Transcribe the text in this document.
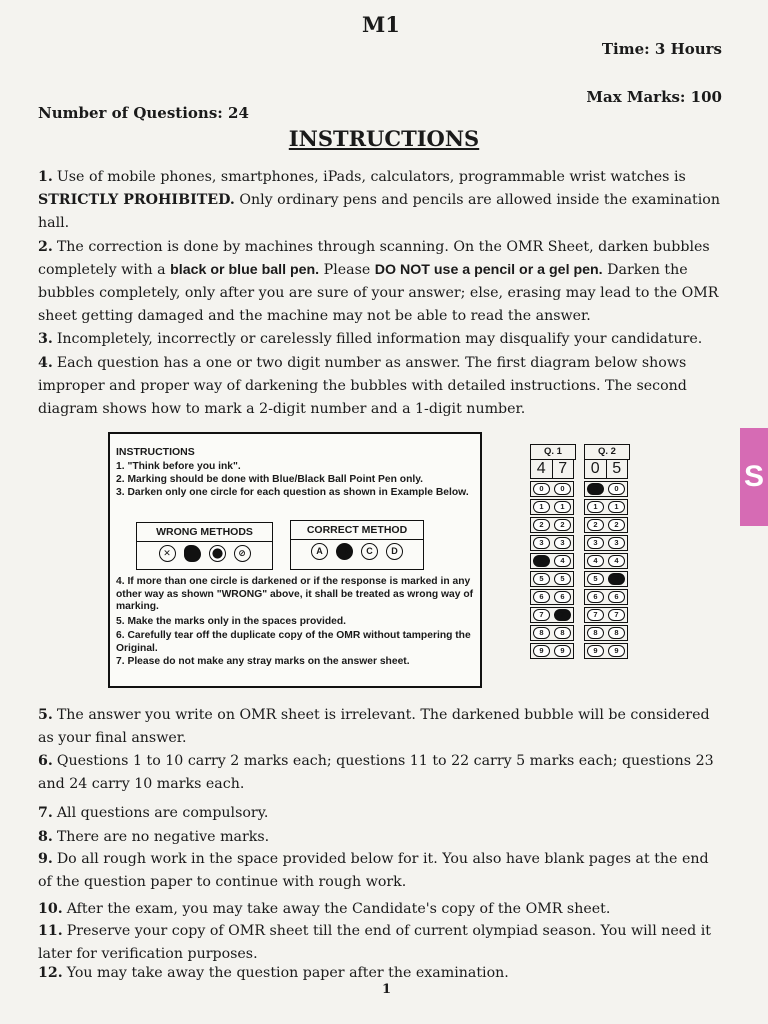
M1
Time: 3 Hours
Max Marks: 100
Number of Questions: 24
INSTRUCTIONS
1. Use of mobile phones, smartphones, iPads, calculators, programmable wrist watches is STRICTLY PROHIBITED. Only ordinary pens and pencils are allowed inside the examination hall.
2. The correction is done by machines through scanning. On the OMR Sheet, darken bubbles completely with a black or blue ball pen. Please DO NOT use a pencil or a gel pen. Darken the bubbles completely, only after you are sure of your answer; else, erasing may lead to the OMR sheet getting damaged and the machine may not be able to read the answer.
3. Incompletely, incorrectly or carelessly filled information may disqualify your candidature.
4. Each question has a one or two digit number as answer. The first diagram below shows improper and proper way of darkening the bubbles with detailed instructions. The second diagram shows how to mark a 2-digit number and a 1-digit number.
INSTRUCTIONS
1. "Think before you ink".
2. Marking should be done with Blue/Black Ball Point Pen only.
3. Darken only one circle for each question as shown in Example Below.
WRONG METHODS
✕	⊘
CORRECT METHOD
A B C D
4. If more than one circle is darkened or if the response is marked in any other way as shown "WRONG" above, it shall be treated as wrong way of marking.
5. Make the marks only in the spaces provided.
6. Carefully tear off the duplicate copy of the OMR without tampering the Original.
7. Please do not make any stray marks on the answer sheet.
Q. 1
4 7
0	0
1	1
2	2
3	3
4	4
5	5
6	6
7	7
8	8
9	9
Q. 2
0 5
0	0
1	1
2	2
3	3
4	4
5	5
6	6
7	7
8	8
9	9
S
5. The answer you write on OMR sheet is irrelevant. The darkened bubble will be considered as your final answer.
6. Questions 1 to 10 carry 2 marks each; questions 11 to 22 carry 5 marks each; questions 23 and 24 carry 10 marks each.
7. All questions are compulsory.
8. There are no negative marks.
9. Do all rough work in the space provided below for it. You also have blank pages at the end of the question paper to continue with rough work.
10. After the exam, you may take away the Candidate's copy of the OMR sheet.
11. Preserve your copy of OMR sheet till the end of current olympiad season. You will need it later for verification purposes.
12. You may take away the question paper after the examination.
1
